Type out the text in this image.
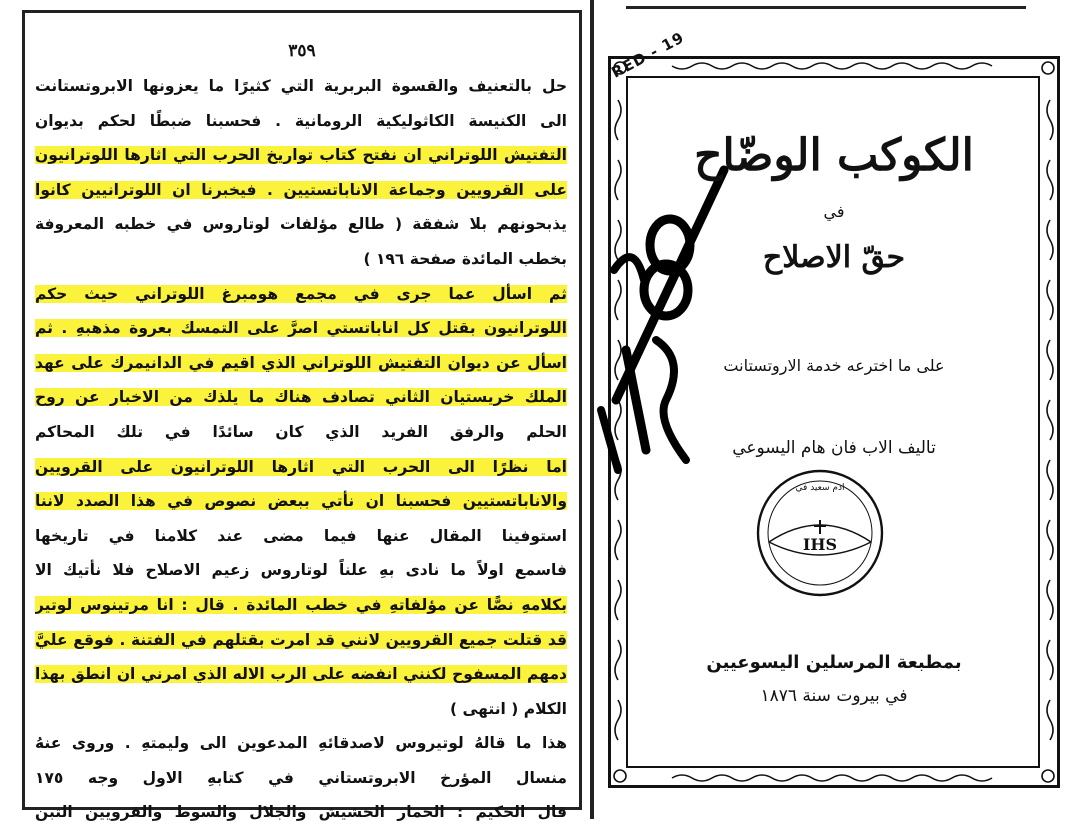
٣٥٩
حل بالتعنيف والقسوة البربرية التي كثيرًا ما يعزونها الابروتستانت
الى الكنيسة الكاثوليكية الرومانية . فحسبنا ضبطًا لحكم بديوان
التفتيش اللوتراني ان نفتح كتاب تواريخ الحرب التي اثارها اللوترانيون
على القرويين وجماعة الاناباتستيين . فيخبرنا ان اللوترانيين كانوا
يذبحونهم بلا شفقة ( طالع مؤلفات لوتاروس في خطبه المعروفة
بخطب المائدة صفحة ١٩٦ )
ثم اسأل عما جرى في مجمع هومبرغ اللوتراني حيث حكم
اللوترانيون بقتل كل اناباتستي اصرَّ على التمسك بعروة مذهبهِ . ثم
اسأل عن ديوان التفتيش اللوتراني الذي اقيم في الدانيمرك على عهد
الملك خريستيان الثاني تصادف هناك ما يلذك من الاخبار عن روح
الحلم والرفق الفريد الذي كان سائدًا في تلك المحاكم
اما نظرًا الى الحرب التي اثارها اللوترانيون على القرويين
والاناباتستيين فحسبنا ان نأتي ببعض نصوص في هذا الصدد لاننا
استوفينا المقال عنها فيما مضى عند كلامنا في تاريخها
فاسمع اولاً ما نادى بهِ علناً لوتاروس زعيم الاصلاح فلا نأتيك الا
بكلامهِ نصًّا عن مؤلفاتهِ في خطب المائدة . قال : انا مرتينوس لوتير
قد قتلت جميع القرويين لانني قد امرت بقتلهم في الفتنة . فوقع عليَّ
دمهم المسفوح لكنني انفضه على الرب الاله الذي امرني ان انطق بهذا
الكلام ( انتهى )
هذا ما قالهُ لوتيروس لاصدقائهِ المدعوين الى وليمتهِ . وروى عنهُ
منسال المؤرخ الابروتستاني في كتابهِ الاول وجه ١٧٥
قال الحكيم : الحمار الحشيش والجلال والسوط والقرويين التبن
RED - 19
الكوكب الوضّاح
في
حقّ الاصلاح
على ما اخترعه خدمة الاروتستانت
تاليف الاب فان هام اليسوعي
ادم سعيد في
IHS
بمطبعة المرسلين اليسوعيين
في بيروت سنة ١٨٧٦
